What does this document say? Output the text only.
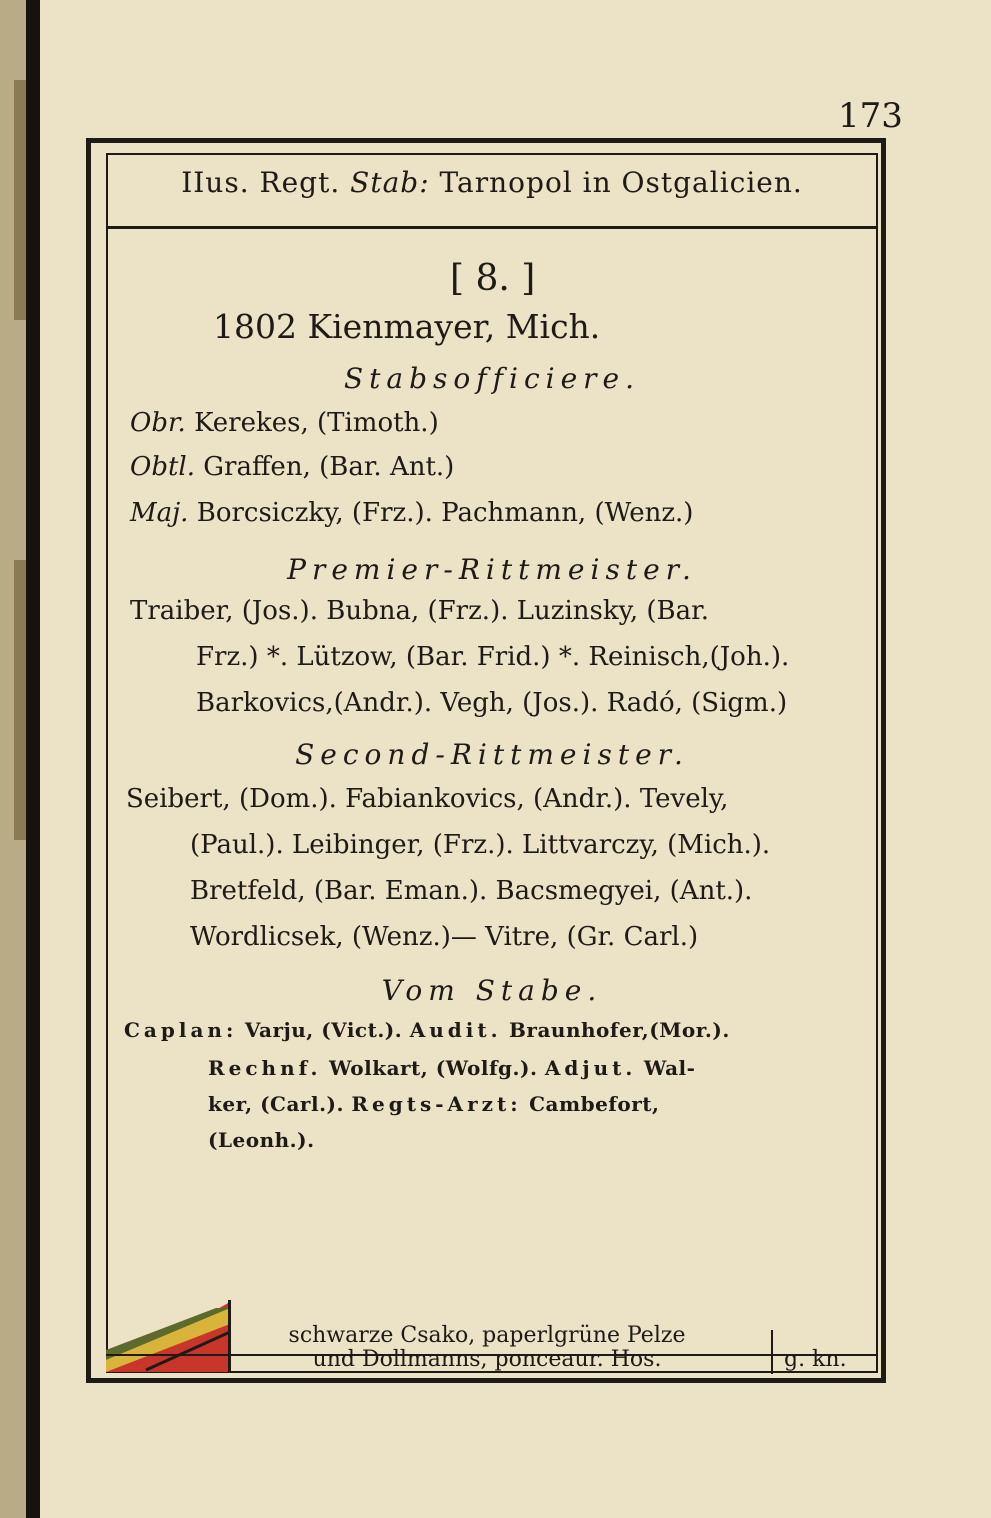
173
IIus. Regt. Stab: Tarnopol in Ostgalicien.
[ 8. ]
1802 Kienmayer, Mich.
Stabsofficiere.
Obr. Kerekes, (Timoth.)
Obtl. Graffen, (Bar. Ant.)
Maj. Borcsiczky, (Frz.). Pachmann, (Wenz.)
Premier-Rittmeister.
Traiber, (Jos.). Bubna, (Frz.). Luzinsky, (Bar.
Frz.) *. Lützow, (Bar. Frid.) *. Reinisch,(Joh.).
Barkovics,(Andr.). Vegh, (Jos.). Radó, (Sigm.)
Second-Rittmeister.
Seibert, (Dom.). Fabiankovics, (Andr.). Tevely,
(Paul.). Leibinger, (Frz.). Littvarczy, (Mich.).
Bretfeld, (Bar. Eman.). Bacsmegyei, (Ant.).
Wordlicsek, (Wenz.)— Vitre, (Gr. Carl.)
Vom Stabe.
Caplan: Varju, (Vict.). Audit. Braunhofer,(Mor.).
Rechnf. Wolkart, (Wolfg.). Adjut. Wal-
ker, (Carl.). Regts-Arzt: Cambefort,
(Leonh.).
schwarze Csako, paperlgrüne Pelze
und Dollmanns, ponceaur. Hos.	g. kn.
